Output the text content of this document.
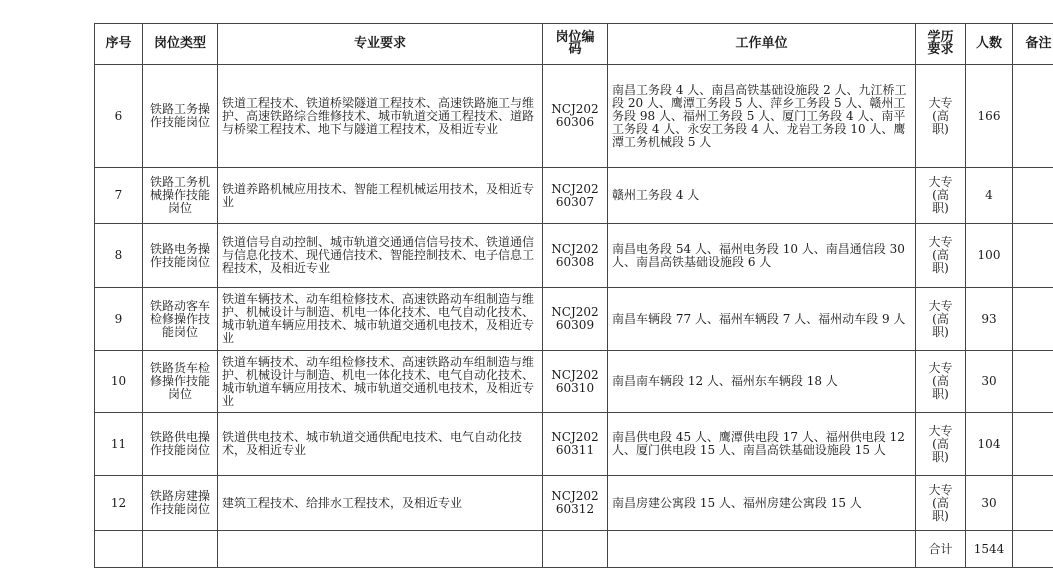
序号	岗位类型	专业要求	岗位编码	工作单位	学历要求	人数	备注
6	铁路工务操作技能岗位	铁道工程技术、铁道桥梁隧道工程技术、高速铁路施工与维护、高速铁路综合维修技术、城市轨道交通工程技术、道路与桥梁工程技术、地下与隧道工程技术，及相近专业	NCJ20260306	南昌工务段 4 人、南昌高铁基础设施段 2 人、九江桥工段 20 人、鹰潭工务段 5 人、萍乡工务段 5 人、赣州工务段 98 人、福州工务段 5 人、厦门工务段 4 人、南平工务段 4 人、永安工务段 4 人、龙岩工务段 10 人、鹰潭工务机械段 5 人	大专(高职)	166	
7	铁路工务机械操作技能岗位	铁道养路机械应用技术、智能工程机械运用技术，及相近专业	NCJ20260307	赣州工务段 4 人	大专(高职)	4	
8	铁路电务操作技能岗位	铁道信号自动控制、城市轨道交通通信信号技术、铁道通信与信息化技术、现代通信技术、智能控制技术、电子信息工程技术，及相近专业	NCJ20260308	南昌电务段 54 人、福州电务段 10 人、南昌通信段 30 人、南昌高铁基础设施段 6 人	大专(高职)	100	
9	铁路动客车检修操作技能岗位	铁道车辆技术、动车组检修技术、高速铁路动车组制造与维护、机械设计与制造、机电一体化技术、电气自动化技术、城市轨道车辆应用技术、城市轨道交通机电技术，及相近专业	NCJ20260309	南昌车辆段 77 人、福州车辆段 7 人、福州动车段 9 人	大专(高职)	93	
10	铁路货车检修操作技能岗位	铁道车辆技术、动车组检修技术、高速铁路动车组制造与维护、机械设计与制造、机电一体化技术、电气自动化技术、城市轨道车辆应用技术、城市轨道交通机电技术，及相近专业	NCJ20260310	南昌南车辆段 12 人、福州东车辆段 18 人	大专(高职)	30	
11	铁路供电操作技能岗位	铁道供电技术、城市轨道交通供配电技术、电气自动化技术，及相近专业	NCJ20260311	南昌供电段 45 人、鹰潭供电段 17 人、福州供电段 12 人、厦门供电段 15 人、南昌高铁基础设施段 15 人	大专(高职)	104	
12	铁路房建操作技能岗位	建筑工程技术、给排水工程技术，及相近专业	NCJ20260312	南昌房建公寓段 15 人、福州房建公寓段 15 人	大专(高职)	30	
					合计	1544	
